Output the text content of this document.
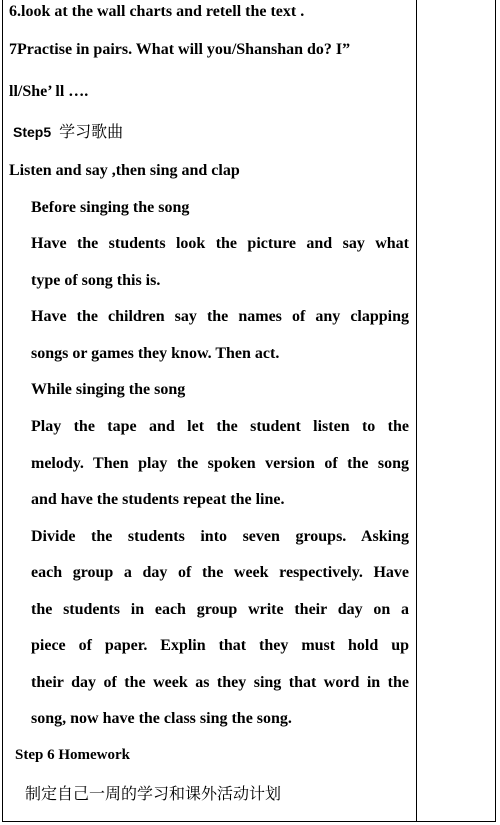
6.look at the wall charts and retell the text .
7Practise in pairs. What will you/Shanshan do? I”
ll/She’ ll ….
Step5 学习歌曲
Listen and say ,then sing and clap
Before singing the song
Have the students look the picture and say what
type of song this is.
Have the children say the names of any clapping
songs or games they know. Then act.
While singing the song
Play the tape and let the student listen to the
melody. Then play the spoken version of the song
and have the students repeat the line.
Divide the students into seven groups. Asking
each group a day of the week respectively. Have
the students in each group write their day on a
piece of paper. Explin that they must hold up
their day of the week as they sing that word in the
song, now have the class sing the song.
Step 6 Homework
制定自己一周的学习和课外活动计划
